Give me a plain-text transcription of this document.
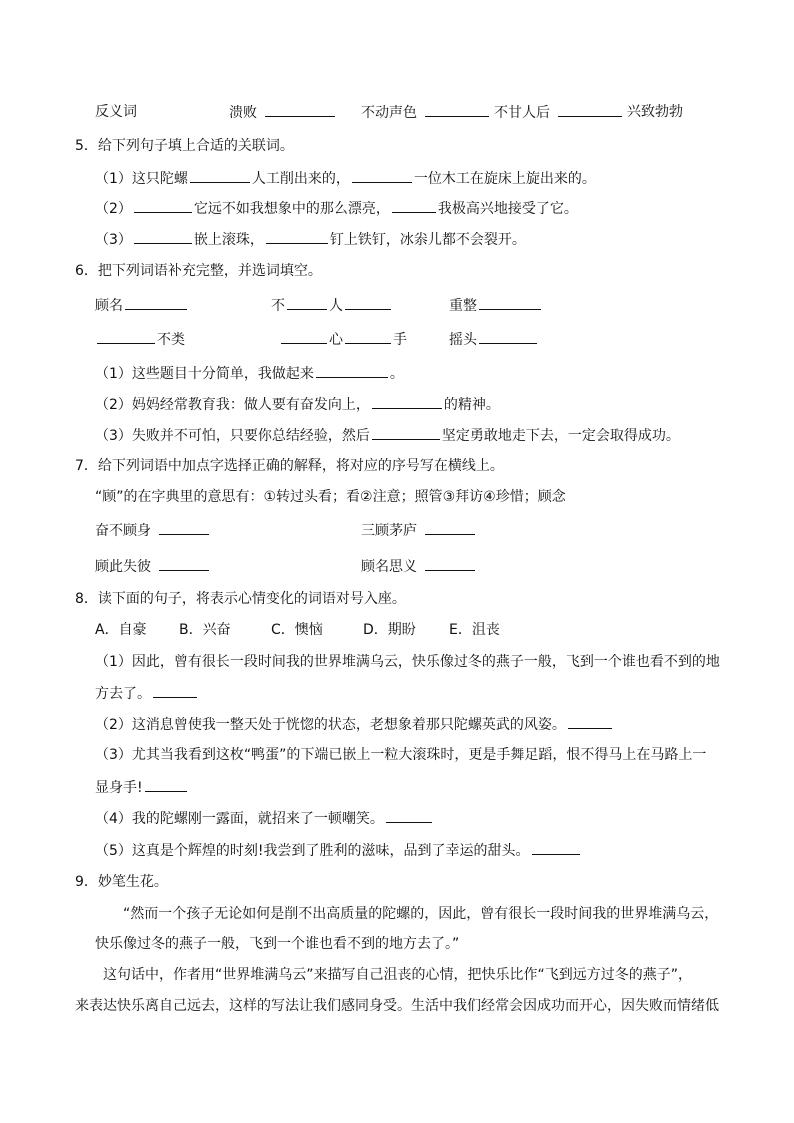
反义词	溃败	不动声色	不甘人后	兴致勃勃
5．给下列句子填上合适的关联词。
（1）这只陀螺	人工削出来的，	一位木工在旋床上旋出来的。
（2）	它远不如我想象中的那么漂亮，	我极高兴地接受了它。
（3）	嵌上滚珠，	钉上铁钉，冰尜儿都不会裂开。
6．把下列词语补充完整，并选词填空。
顾名	不	人	重整
不类	心	手	摇头
（1）这些题目十分简单，我做起来	。
（2）妈妈经常教育我：做人要有奋发向上，	的精神。
（3）失败并不可怕，只要你总结经验，然后	坚定勇敢地走下去，一定会取得成功。
7．给下列词语中加点字选择正确的解释，将对应的序号写在横线上。
“顾”的在字典里的意思有：①转过头看；看②注意；照管③拜访④珍惜；顾念
奋不顾身	三顾茅庐
顾此失彼	顾名思义
8．读下面的句子，将表示心情变化的词语对号入座。
A．自豪 B．兴奋	C．懊恼	D．期盼 E．沮丧
（1）因此，曾有很长一段时间我的世界堆满乌云，快乐像过冬的燕子一般，飞到一个谁也看不到的地
方去了。
（2）这消息曾使我一整天处于恍惚的状态，老想象着那只陀螺英武的风姿。
（3）尤其当我看到这枚“鸭蛋”的下端已嵌上一粒大滚珠时，更是手舞足蹈，恨不得马上在马路上一
显身手!
（4）我的陀螺刚一露面，就招来了一顿嘲笑。
（5）这真是个辉煌的时刻!我尝到了胜利的滋味，品到了幸运的甜头。
9．妙笔生花。
“然而一个孩子无论如何是削不出高质量的陀螺的，因此，曾有很长一段时间我的世界堆满乌云，
快乐像过冬的燕子一般，飞到一个谁也看不到的地方去了。”
这句话中，作者用“世界堆满乌云”来描写自己沮丧的心情，把快乐比作“飞到远方过冬的燕子”，
来表达快乐离自己远去，这样的写法让我们感同身受。生活中我们经常会因成功而开心，因失败而情绪低
